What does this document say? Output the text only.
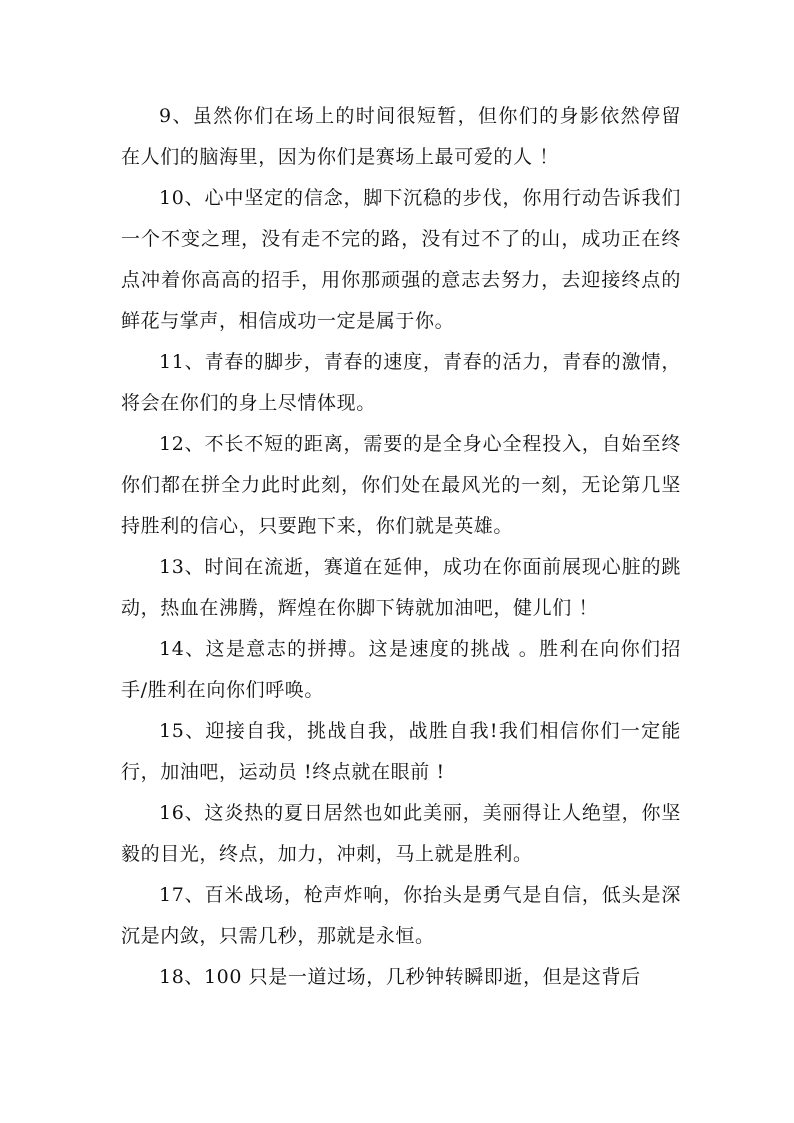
9、虽然你们在场上的时间很短暂，但你们的身影依然停留在人们的脑海里，因为你们是赛场上最可爱的人 ！

10、心中坚定的信念，脚下沉稳的步伐，你用行动告诉我们一个不变之理，没有走不完的路，没有过不了的山，成功正在终点冲着你高高的招手，用你那顽强的意志去努力，去迎接终点的鲜花与掌声，相信成功一定是属于你。

11、青春的脚步，青春的速度，青春的活力，青春的激情，将会在你们的身上尽情体现。

12、不长不短的距离，需要的是全身心全程投入，自始至终你们都在拼全力此时此刻，你们处在最风光的一刻，无论第几坚持胜利的信心，只要跑下来，你们就是英雄。

13、时间在流逝，赛道在延伸，成功在你面前展现心脏的跳动，热血在沸腾，辉煌在你脚下铸就加油吧，健儿们 ！

14、这是意志的拼搏。这是速度的挑战 。胜利在向你们招手/胜利在向你们呼唤。

15、迎接自我，挑战自我，战胜自我!我们相信你们一定能行，加油吧，运动员 !终点就在眼前 !

16、这炎热的夏日居然也如此美丽，美丽得让人绝望，你坚毅的目光，终点，加力，冲刺，马上就是胜利。

17、百米战场，枪声炸响，你抬头是勇气是自信，低头是深沉是内敛，只需几秒，那就是永恒。

18、100 只是一道过场，几秒钟转瞬即逝，但是这背后
